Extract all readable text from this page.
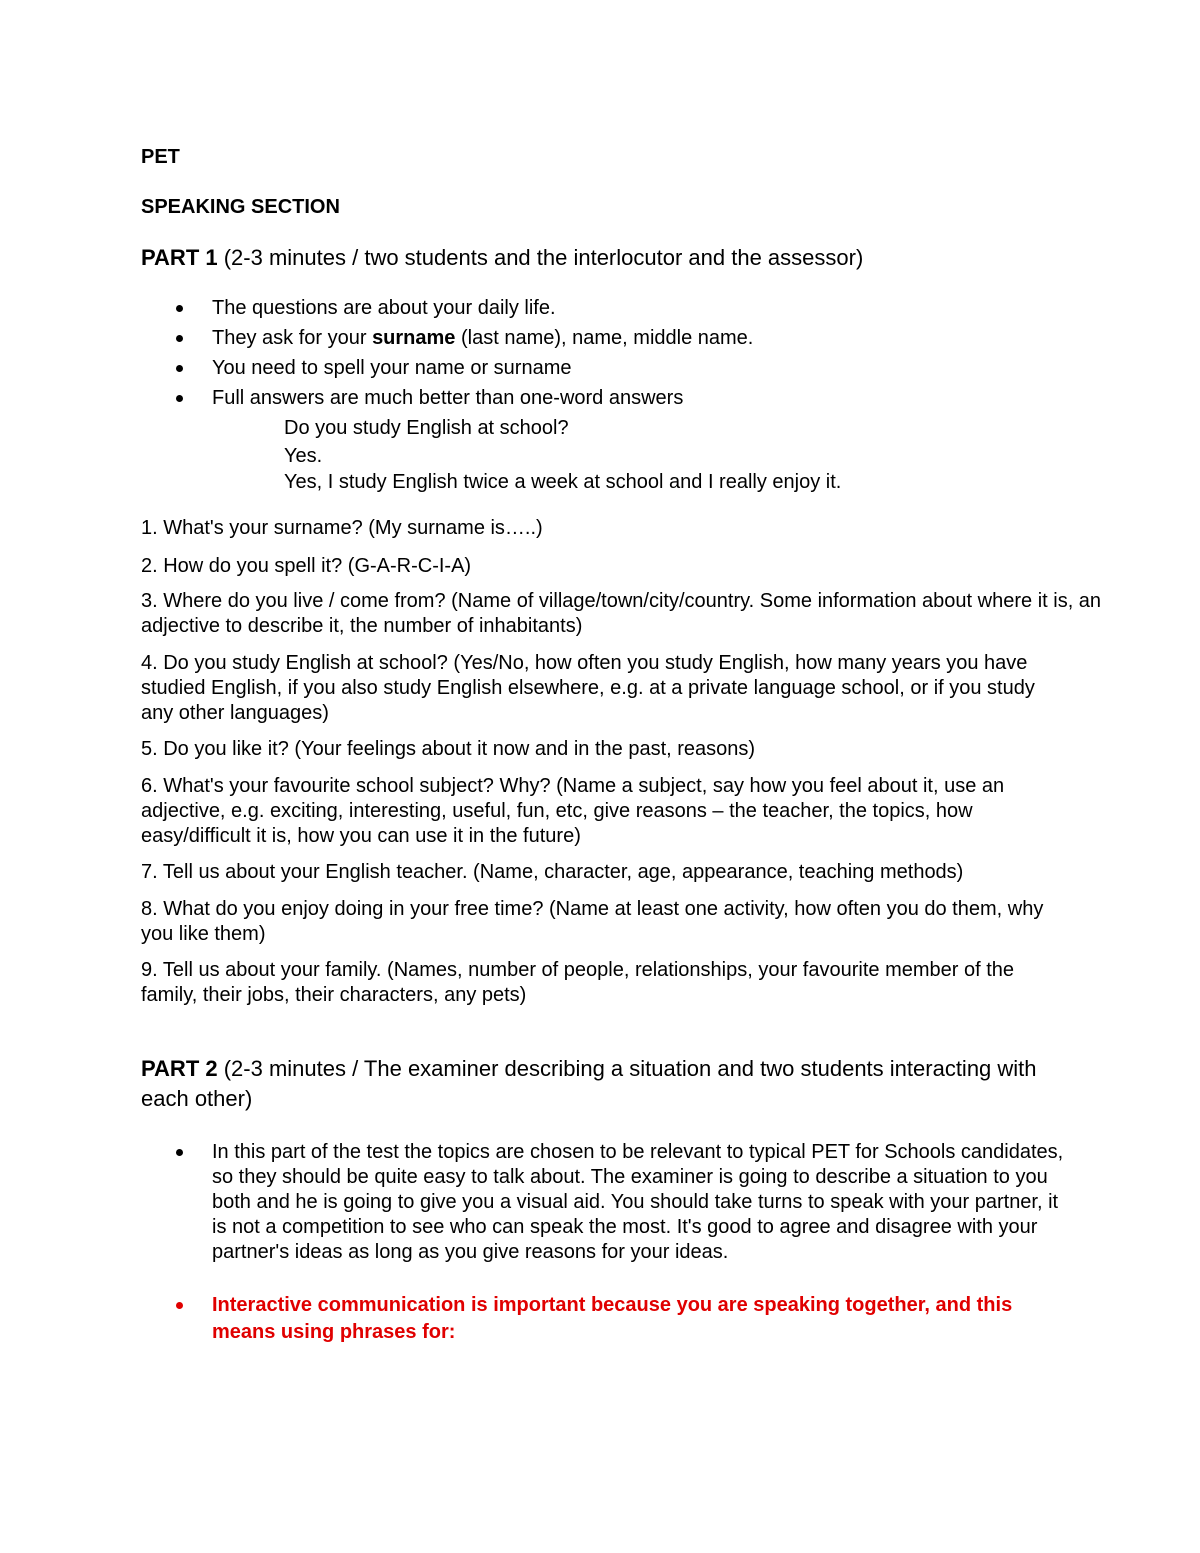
PET
SPEAKING SECTION
PART 1 (2-3 minutes / two students and the interlocutor and the assessor)
The questions are about your daily life.
They ask for your surname (last name), name, middle name.
You need to spell your name or surname
Full answers are much better than one-word answers
Do you study English at school?
Yes.
Yes, I study English twice a week at school and I really enjoy it.
1. What's your surname? (My surname is…..)
2. How do you spell it? (G-A-R-C-I-A)
3. Where do you live / come from? (Name of village/town/city/country. Some information about where it is, an
adjective to describe it, the number of inhabitants)
4. Do you study English at school? (Yes/No, how often you study English, how many years you have
studied English, if you also study English elsewhere, e.g. at a private language school, or if you study
any other languages)
5. Do you like it? (Your feelings about it now and in the past, reasons)
6. What's your favourite school subject? Why? (Name a subject, say how you feel about it, use an
adjective, e.g. exciting, interesting, useful, fun, etc, give reasons – the teacher, the topics, how
easy/difficult it is, how you can use it in the future)
7. Tell us about your English teacher. (Name, character, age, appearance, teaching methods)
8. What do you enjoy doing in your free time? (Name at least one activity, how often you do them, why
you like them)
9. Tell us about your family. (Names, number of people, relationships, your favourite member of the
family, their jobs, their characters, any pets)
PART 2 (2-3 minutes / The examiner describing a situation and two students interacting with
each other)
In this part of the test the topics are chosen to be relevant to typical PET for Schools candidates,
so they should be quite easy to talk about. The examiner is going to describe a situation to you
both and he is going to give you a visual aid. You should take turns to speak with your partner, it
is not a competition to see who can speak the most. It's good to agree and disagree with your
partner's ideas as long as you give reasons for your ideas.
Interactive communication is important because you are speaking together, and this
means using phrases for:
